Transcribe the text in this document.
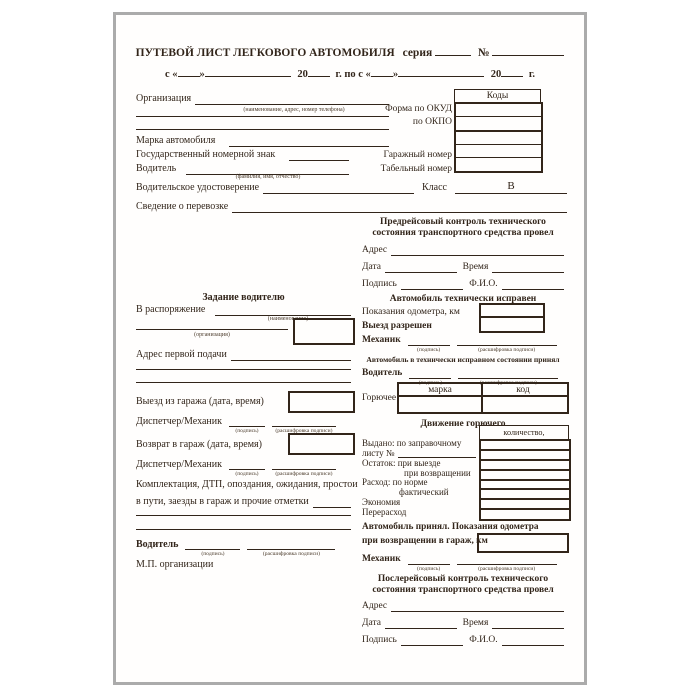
ПУТЕВОЙ ЛИСТ ЛЕГКОВОГО АВТОМОБИЛЯ серия	№
с « »	20	г. по с « »	20	г.
Организация
(наименование, адрес, номер телефона)	Форма по ОКУД
по ОКПО
Коды
Марка автомобиля
Государственный номерной знак	Гаражный номер
Водитель	Табельный номер
(фамилия, имя, отчество)
Водительское удостоверение	Класс	В
Сведение о перевозке
Задание водителю
В распоряжение
(наименование)
(организация)
Адрес первой подачи
Выезд из гаража (дата, время)
Диспетчер/Механик
(подпись)	(расшифровка подписи)
Возврат в гараж (дата, время)
Диспетчер/Механик
(подпись)	(расшифровка подписи)
Комплектация, ДТП, опоздания, ожидания, простои
в пути, заезды в гараж и прочие отметки
Водитель
(подпись)	(расшифровка подписи)
М.П. организации
Предрейсовый контроль технического
состояния транспортного средства провел
Адрес
Дата	Время
Подпись	Ф.И.О.
Автомобиль технически исправен
Показания одометра, км
Выезд разрешен
Механик
(подпись)	(расшифровка подписи)
Автомобиль в технически исправном состоянии принял
Водитель
(подпись)	(расшифровка подписи)
Горючее
марка	код
Движение горючего
количество,
Выдано: по заправочному
листу №
Остаток: при выезде
при возвращении
Расход: по норме
фактический
Экономия
Перерасход
Автомобиль принял. Показания одометра
при возвращении в гараж, км
Механик
(подпись)	(расшифровка подписи)
Послерейсовый контроль технического
состояния транспортного средства провел
Адрес
Дата	Время
Подпись	Ф.И.О.
